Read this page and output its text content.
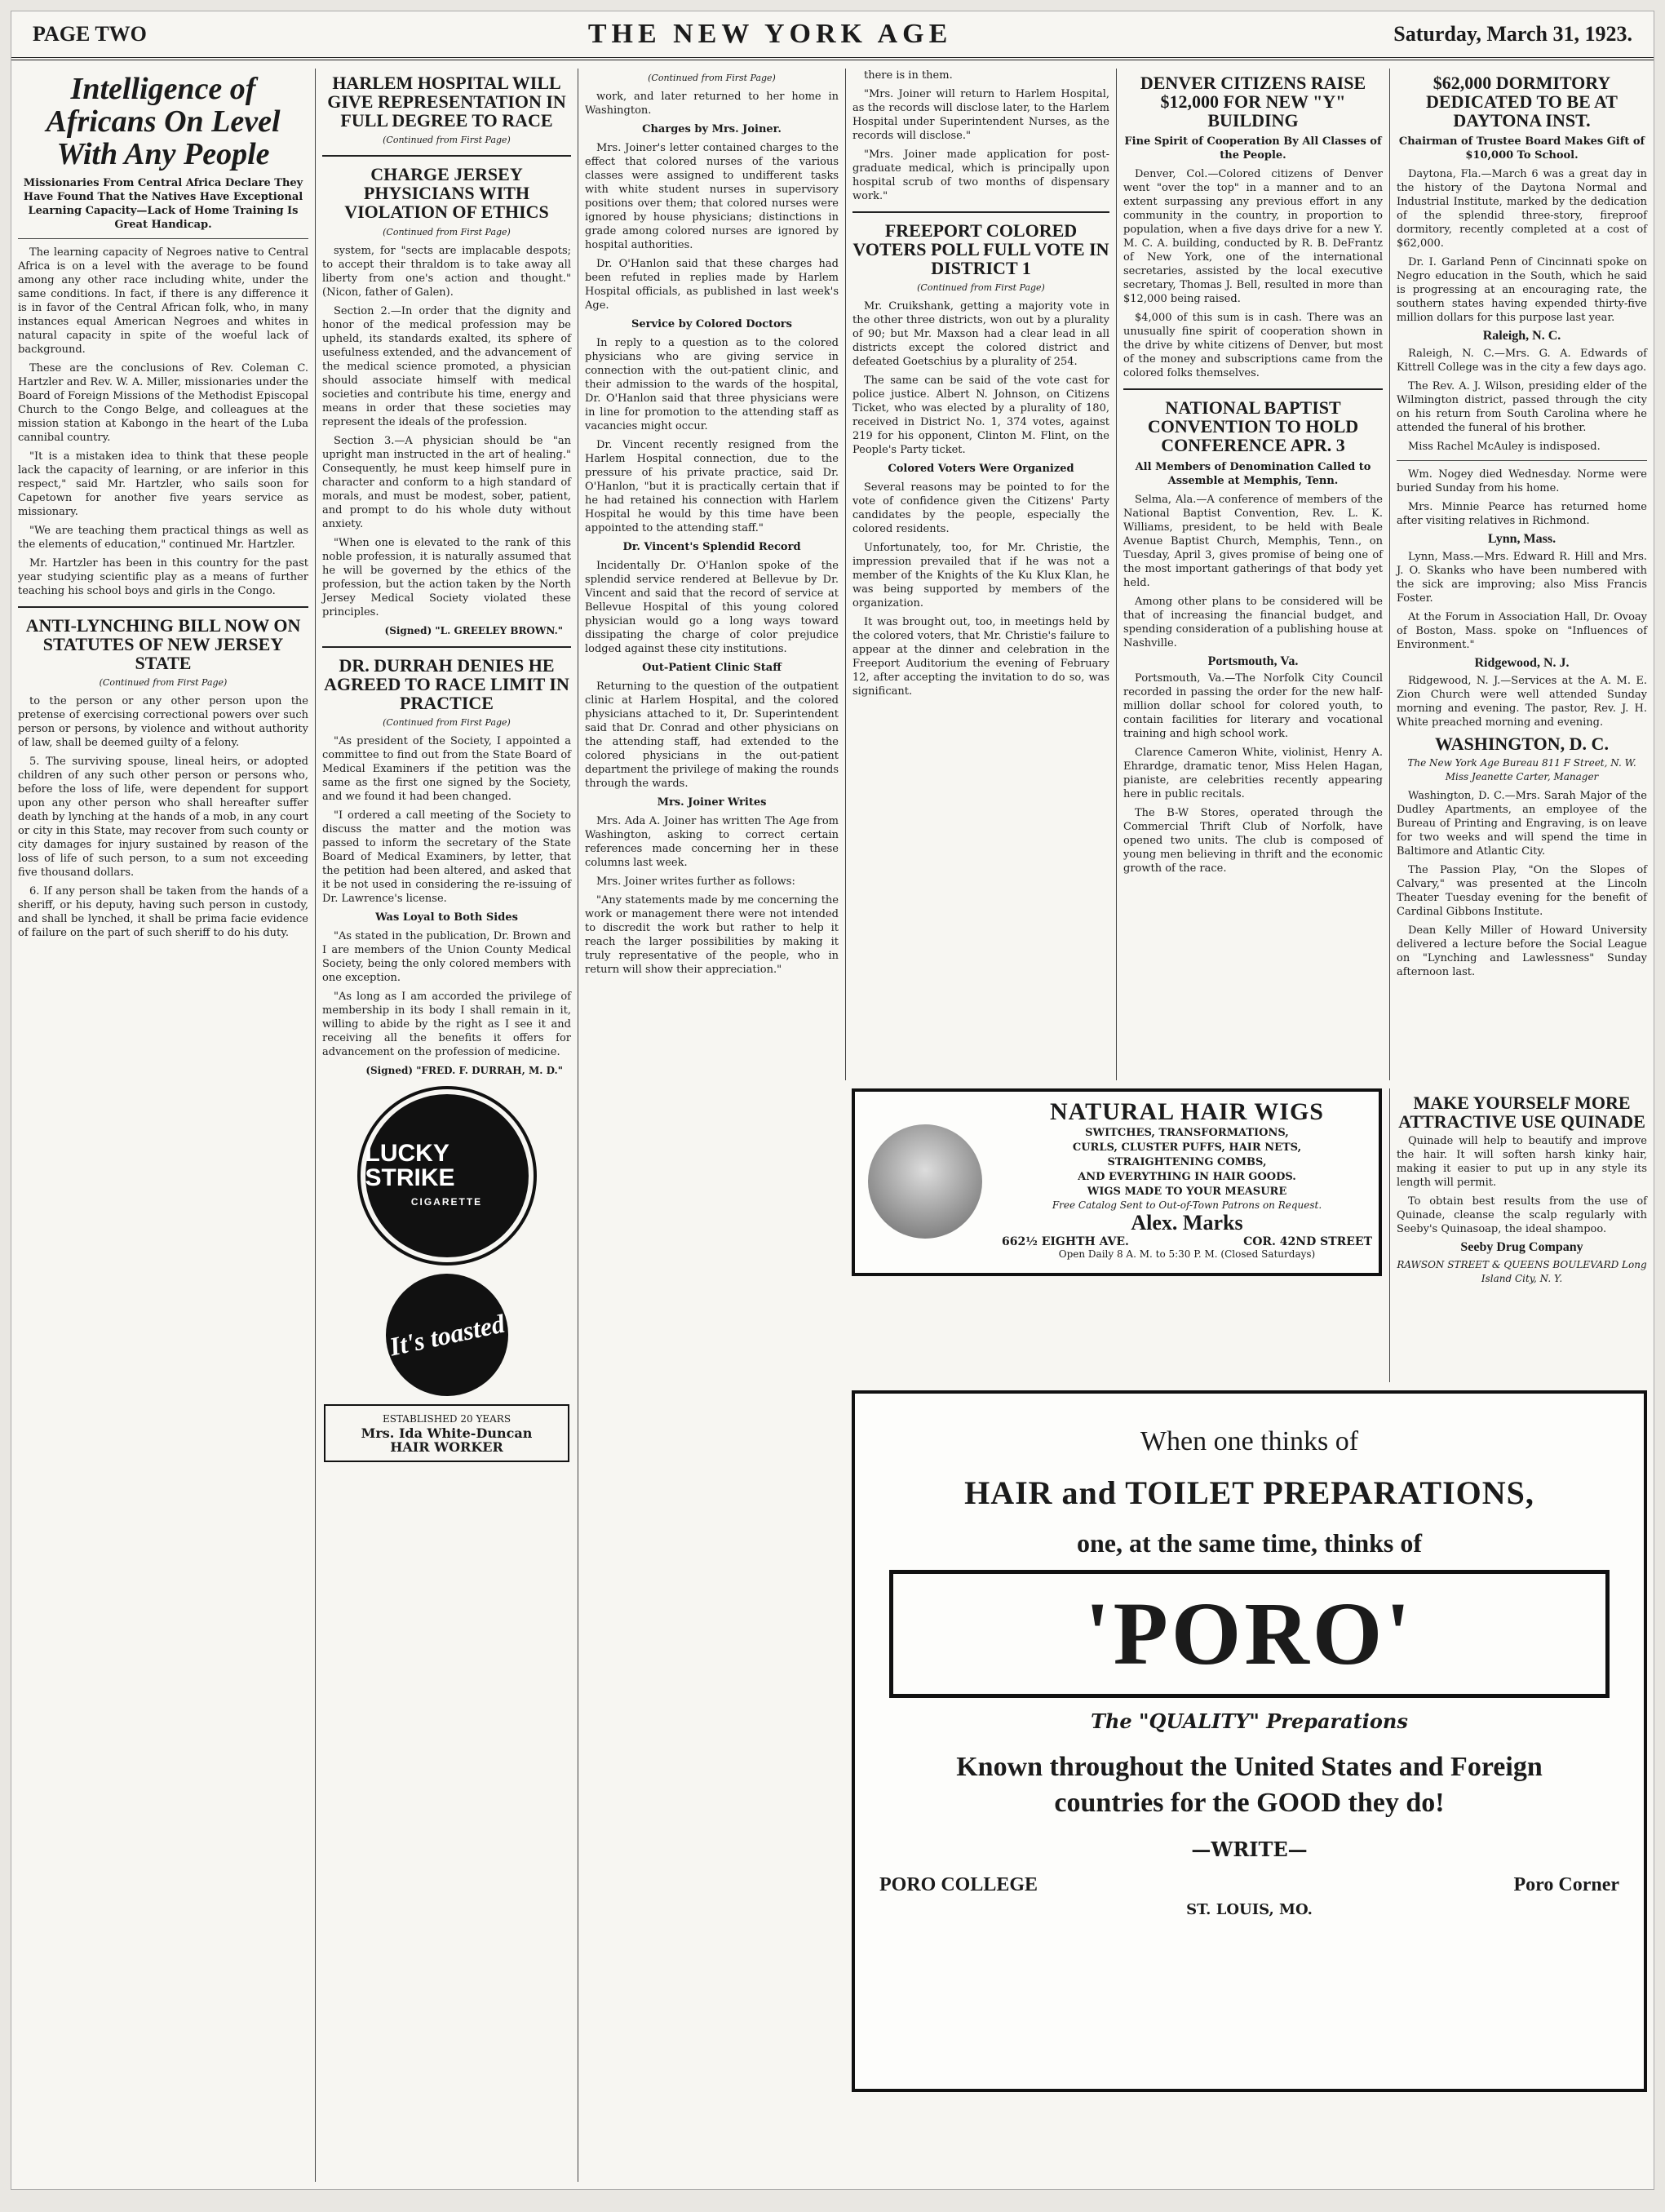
PAGE TWO	THE NEW YORK AGE	Saturday, March 31, 1923.
Intelligence of Africans On Level With Any People
Missionaries From Central Africa Declare They Have Found That the Natives Have Exceptional Learning Capacity—Lack of Home Training Is Great Handicap.

The learning capacity of Negroes native to Central Africa is on a level with the average to be found among any other race including white, under the same conditions. In fact, if there is any difference it is in favor of the Central African folk, who, in many instances equal American Negroes and whites in natural capacity in spite of the woeful lack of background.

These are the conclusions of Rev. Coleman C. Hartzler and Rev. W. A. Miller, missionaries under the Board of Foreign Missions of the Methodist Episcopal Church to the Congo Belge, and colleagues at the mission station at Kabongo in the heart of the Luba cannibal country.

"It is a mistaken idea to think that these people lack the capacity of learning, or are inferior in this respect," said Mr. Hartzler, who sails soon for Capetown for another five years service as missionary.

"We are teaching them practical things as well as the elements of education," continued Mr. Hartzler.

Mr. Hartzler has been in this country for the past year studying scientific play as a means of further teaching his school boys and girls in the Congo.

ANTI-LYNCHING BILL NOW ON STATUTES OF NEW JERSEY STATE
(Continued from First Page)

to the person or any other person upon the pretense of exercising correctional powers over such person or persons, by violence and without authority of law, shall be deemed guilty of a felony.

5. The surviving spouse, lineal heirs, or adopted children of any such other person or persons who, before the loss of life, were dependent for support upon any other person who shall hereafter suffer death by lynching at the hands of a mob, in any court or city in this State, may recover from such county or city damages for injury sustained by reason of the loss of life of such person, to a sum not exceeding five thousand dollars.

6. If any person shall be taken from the hands of a sheriff, or his deputy, having such person in custody, and shall be lynched, it shall be prima facie evidence of failure on the part of such sheriff to do his duty.

HARLEM HOSPITAL WILL GIVE REPRESENTATION IN FULL DEGREE TO RACE
(Continued from First Page)
CHARGE JERSEY PHYSICIANS WITH VIOLATION OF ETHICS
(Continued from First Page)

system, for "sects are implacable despots; to accept their thraldom is to take away all liberty from one's action and thought." (Nicon, father of Galen).

Section 2.—In order that the dignity and honor of the medical profession may be upheld, its standards exalted, its sphere of usefulness extended, and the advancement of the medical science promoted, a physician should associate himself with medical societies and contribute his time, energy and means in order that these societies may represent the ideals of the profession.

Section 3.—A physician should be "an upright man instructed in the art of healing." Consequently, he must keep himself pure in character and conform to a high standard of morals, and must be modest, sober, patient, and prompt to do his whole duty without anxiety.

"When one is elevated to the rank of this noble profession, it is naturally assumed that he will be governed by the ethics of the profession, but the action taken by the North Jersey Medical Society violated these principles.

(Signed) "L. GREELEY BROWN."
DR. DURRAH DENIES HE AGREED TO RACE LIMIT IN PRACTICE
(Continued from First Page)

"As president of the Society, I appointed a committee to find out from the State Board of Medical Examiners if the petition was the same as the first one signed by the Society, and we found it had been changed.

"I ordered a call meeting of the Society to discuss the matter and the motion was passed to inform the secretary of the State Board of Medical Examiners, by letter, that the petition had been altered, and asked that it be not used in considering the re-issuing of Dr. Lawrence's license.

Was Loyal to Both Sides

"As stated in the publication, Dr. Brown and I are members of the Union County Medical Society, being the only colored members with one exception.

"As long as I am accorded the privilege of membership in its body I shall remain in it, willing to abide by the right as I see it and receiving all the benefits it offers for advancement on the profession of medicine.

(Signed) "FRED. F. DURRAH, M. D."
LUCKY STRIKE
CIGARETTE
It's toasted
ESTABLISHED 20 YEARS
Mrs. Ida White-Duncan
HAIR WORKER
(Continued from First Page)

work, and later returned to her home in Washington.

Charges by Mrs. Joiner.

Mrs. Joiner's letter contained charges to the effect that colored nurses of the various classes were assigned to undifferent tasks with white student nurses in supervisory positions over them; that colored nurses were ignored by house physicians; distinctions in grade among colored nurses are ignored by hospital authorities.

Dr. O'Hanlon said that these charges had been refuted in replies made by Harlem Hospital officials, as published in last week's Age.

Service by Colored Doctors

In reply to a question as to the colored physicians who are giving service in connection with the out-patient clinic, and their admission to the wards of the hospital, Dr. O'Hanlon said that three physicians were in line for promotion to the attending staff as vacancies might occur.

Dr. Vincent recently resigned from the Harlem Hospital connection, due to the pressure of his private practice, said Dr. O'Hanlon, "but it is practically certain that if he had retained his connection with Harlem Hospital he would by this time have been appointed to the attending staff."

Dr. Vincent's Splendid Record

Incidentally Dr. O'Hanlon spoke of the splendid service rendered at Bellevue by Dr. Vincent and said that the record of service at Bellevue Hospital of this young colored physician would go a long ways toward dissipating the charge of color prejudice lodged against these city institutions.

Out-Patient Clinic Staff

Returning to the question of the outpatient clinic at Harlem Hospital, and the colored physicians attached to it, Dr. Superintendent said that Dr. Conrad and other physicians on the attending staff, had extended to the colored physicians in the out-patient department the privilege of making the rounds through the wards.

Mrs. Joiner Writes

Mrs. Ada A. Joiner has written The Age from Washington, asking to correct certain references made concerning her in these columns last week.

Mrs. Joiner writes further as follows:

"Any statements made by me concerning the work or management there were not intended to discredit the work but rather to help it reach the larger possibilities by making it truly representative of the people, who in return will show their appreciation."

there is in them.

"Mrs. Joiner will return to Harlem Hospital, as the records will disclose later, to the Harlem Hospital under Superintendent Nurses, as the records will disclose."

"Mrs. Joiner made application for post-graduate medical, which is principally upon hospital scrub of two months of dispensary work."

FREEPORT COLORED VOTERS POLL FULL VOTE IN DISTRICT 1
(Continued from First Page)

Mr. Cruikshank, getting a majority vote in the other three districts, won out by a plurality of 90; but Mr. Maxson had a clear lead in all districts except the colored district and defeated Goetschius by a plurality of 254.

The same can be said of the vote cast for police justice. Albert N. Johnson, on Citizens Ticket, who was elected by a plurality of 180, received in District No. 1, 374 votes, against 219 for his opponent, Clinton M. Flint, on the People's Party ticket.

Colored Voters Were Organized

Several reasons may be pointed to for the vote of confidence given the Citizens' Party candidates by the people, especially the colored residents.

Unfortunately, too, for Mr. Christie, the impression prevailed that if he was not a member of the Knights of the Ku Klux Klan, he was being supported by members of the organization.

It was brought out, too, in meetings held by the colored voters, that Mr. Christie's failure to appear at the dinner and celebration in the Freeport Auditorium the evening of February 12, after accepting the invitation to do so, was significant.

DENVER CITIZENS RAISE $12,000 FOR NEW "Y" BUILDING
Fine Spirit of Cooperation By All Classes of the People.

Denver, Col.—Colored citizens of Denver went "over the top" in a manner and to an extent surpassing any previous effort in any community in the country, in proportion to population, when a five days drive for a new Y. M. C. A. building, conducted by R. B. DeFrantz of New York, one of the international secretaries, assisted by the local executive secretary, Thomas J. Bell, resulted in more than $12,000 being raised.

$4,000 of this sum is in cash. There was an unusually fine spirit of cooperation shown in the drive by white citizens of Denver, but most of the money and subscriptions came from the colored folks themselves.

NATIONAL BAPTIST CONVENTION TO HOLD CONFERENCE APR. 3
All Members of Denomination Called to Assemble at Memphis, Tenn.

Selma, Ala.—A conference of members of the National Baptist Convention, Rev. L. K. Williams, president, to be held with Beale Avenue Baptist Church, Memphis, Tenn., on Tuesday, April 3, gives promise of being one of the most important gatherings of that body yet held.

Among other plans to be considered will be that of increasing the financial budget, and spending consideration of a publishing house at Nashville.

Portsmouth, Va.

Portsmouth, Va.—The Norfolk City Council recorded in passing the order for the new half-million dollar school for colored youth, to contain facilities for literary and vocational training and high school work.

Clarence Cameron White, violinist, Henry A. Ehrardge, dramatic tenor, Miss Helen Hagan, pianiste, are celebrities recently appearing here in public recitals.

The B-W Stores, operated through the Commercial Thrift Club of Norfolk, have opened two units. The club is composed of young men believing in thrift and the economic growth of the race.

$62,000 DORMITORY DEDICATED TO BE AT DAYTONA INST.
Chairman of Trustee Board Makes Gift of $10,000 To School.

Daytona, Fla.—March 6 was a great day in the history of the Daytona Normal and Industrial Institute, marked by the dedication of the splendid three-story, fireproof dormitory, recently completed at a cost of $62,000.

Dr. I. Garland Penn of Cincinnati spoke on Negro education in the South, which he said is progressing at an encouraging rate, the southern states having expended thirty-five million dollars for this purpose last year.

Raleigh, N. C.

Raleigh, N. C.—Mrs. G. A. Edwards of Kittrell College was in the city a few days ago.

The Rev. A. J. Wilson, presiding elder of the Wilmington district, passed through the city on his return from South Carolina where he attended the funeral of his brother.

Miss Rachel McAuley is indisposed.

Wm. Nogey died Wednesday. Norme were buried Sunday from his home.

Mrs. Minnie Pearce has returned home after visiting relatives in Richmond.

Lynn, Mass.

Lynn, Mass.—Mrs. Edward R. Hill and Mrs. J. O. Skanks who have been numbered with the sick are improving; also Miss Francis Foster.

At the Forum in Association Hall, Dr. Ovoay of Boston, Mass. spoke on "Influences of Environment."

Ridgewood, N. J.

Ridgewood, N. J.—Services at the A. M. E. Zion Church were well attended Sunday morning and evening. The pastor, Rev. J. H. White preached morning and evening.

WASHINGTON, D. C.
The New York Age Bureau 811 F Street, N. W. Miss Jeanette Carter, Manager

Washington, D. C.—Mrs. Sarah Major of the Dudley Apartments, an employee of the Bureau of Printing and Engraving, is on leave for two weeks and will spend the time in Baltimore and Atlantic City.

The Passion Play, "On the Slopes of Calvary," was presented at the Lincoln Theater Tuesday evening for the benefit of Cardinal Gibbons Institute.

Dean Kelly Miller of Howard University delivered a lecture before the Social League on "Lynching and Lawlessness" Sunday afternoon last.

MAKE YOURSELF MORE ATTRACTIVE USE QUINADE

Quinade will help to beautify and improve the hair. It will soften harsh kinky hair, making it easier to put up in any style its length will permit.

To obtain best results from the use of Quinade, cleanse the scalp regularly with Seeby's Quinasoap, the ideal shampoo.

Seeby Drug Company
RAWSON STREET & QUEENS BOULEVARD Long Island City, N. Y.
NATURAL HAIR WIGS
SWITCHES, TRANSFORMATIONS,
CURLS, CLUSTER PUFFS, HAIR NETS,
STRAIGHTENING COMBS,
AND EVERYTHING IN HAIR GOODS.
WIGS MADE TO YOUR MEASURE
Free Catalog Sent to Out-of-Town Patrons on Request.
Alex. Marks
662½ EIGHTH AVE.	COR. 42ND STREET
Open Daily 8 A. M. to 5:30 P. M. (Closed Saturdays)
When one thinks of
HAIR and TOILET PREPARATIONS,
one, at the same time, thinks of
'PORO'
The "QUALITY" Preparations
Known throughout the United States and Foreign countries for the GOOD they do!
—WRITE—
PORO COLLEGE	Poro Corner
ST. LOUIS, MO.
